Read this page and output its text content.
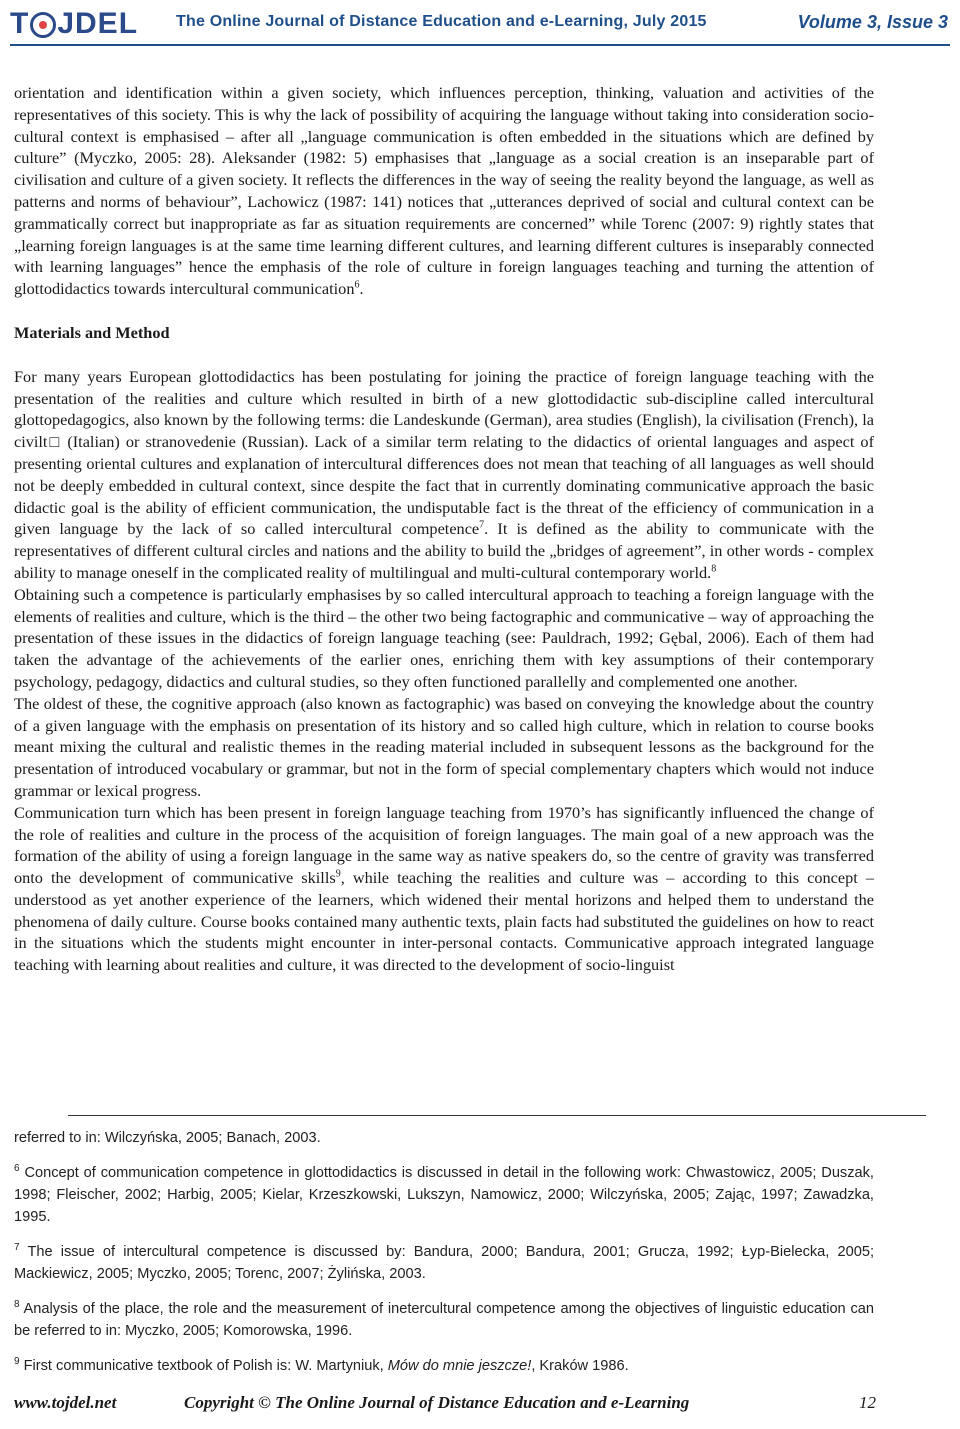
T J DEL The Online Journal of Distance Education and e-Learning, July 2015	Volume 3, Issue 3

orientation and identification within a given society, which influences perception, thinking, valuation and activities of the representatives of this society. This is why the lack of possibility of acquiring the language without taking into consideration socio-cultural context is emphasised – after all „language communication is often embedded in the situations which are defined by culture” (Myczko, 2005: 28). Aleksander (1982: 5) emphasises that „language as a social creation is an inseparable part of civilisation and culture of a given society. It reflects the differences in the way of seeing the reality beyond the language, as well as patterns and norms of behaviour”, Lachowicz (1987: 141) notices that „utterances deprived of social and cultural context can be grammatically correct but inappropriate as far as situation requirements are concerned” while Torenc (2007: 9) rightly states that „learning foreign languages is at the same time learning different cultures, and learning different cultures is inseparably connected with learning languages” hence the emphasis of the role of culture in foreign languages teaching and turning the attention of glottodidactics towards intercultural communication$^6$.

Materials and Method

For many years European glottodidactics has been postulating for joining the practice of foreign language teaching with the presentation of the realities and culture which resulted in birth of a new glottodidactic sub-discipline called intercultural glottopedagogics, also known by the following terms: die Landeskunde (German), area studies (English), la civilisation (French), la civilt□ (Italian) or stranovedenie (Russian). Lack of a similar term relating to the didactics of oriental languages and aspect of presenting oriental cultures and explanation of intercultural differences does not mean that teaching of all languages as well should not be deeply embedded in cultural context, since despite the fact that in currently dominating communicative approach the basic didactic goal is the ability of efficient communication, the undisputable fact is the threat of the efficiency of communication in a given language by the lack of so called intercultural competence$^7$. It is defined as the ability to communicate with the representatives of different cultural circles and nations and the ability to build the „bridges of agreement”, in other words - complex ability to manage oneself in the complicated reality of multilingual and multi-cultural contemporary world.$^8$

Obtaining such a competence is particularly emphasises by so called intercultural approach to teaching a foreign language with the elements of realities and culture, which is the third – the other two being factographic and communicative – way of approaching the presentation of these issues in the didactics of foreign language teaching (see: Pauldrach, 1992; Gębal, 2006). Each of them had taken the advantage of the achievements of the earlier ones, enriching them with key assumptions of their contemporary psychology, pedagogy, didactics and cultural studies, so they often functioned parallelly and complemented one another.

The oldest of these, the cognitive approach (also known as factographic) was based on conveying the knowledge about the country of a given language with the emphasis on presentation of its history and so called high culture, which in relation to course books meant mixing the cultural and realistic themes in the reading material included in subsequent lessons as the background for the presentation of introduced vocabulary or grammar, but not in the form of special complementary chapters which would not induce grammar or lexical progress.

Communication turn which has been present in foreign language teaching from 1970’s has significantly influenced the change of the role of realities and culture in the process of the acquisition of foreign languages. The main goal of a new approach was the formation of the ability of using a foreign language in the same way as native speakers do, so the centre of gravity was transferred onto the development of communicative skills$^9$, while teaching the realities and culture was – according to this concept – understood as yet another experience of the learners, which widened their mental horizons and helped them to understand the phenomena of daily culture. Course books contained many authentic texts, plain facts had substituted the guidelines on how to react in the situations which the students might encounter in inter-personal contacts. Communicative approach integrated language teaching with learning about realities and culture, it was directed to the development of socio-linguist

referred to in: Wilczyńska, 2005; Banach, 2003.

$^6$ Concept of communication competence in glottodidactics is discussed in detail in the following work: Chwastowicz, 2005; Duszak, 1998; Fleischer, 2002; Harbig, 2005; Kielar, Krzeszkowski, Lukszyn, Namowicz, 2000; Wilczyńska, 2005; Zając, 1997; Zawadzka, 1995.

$^7$ The issue of intercultural competence is discussed by: Bandura, 2000; Bandura, 2001; Grucza, 1992; Łyp-Bielecka, 2005; Mackiewicz, 2005; Myczko, 2005; Torenc, 2007; Żylińska, 2003.

$^8$ Analysis of the place, the role and the measurement of inetercultural competence among the objectives of linguistic education can be referred to in: Myczko, 2005; Komorowska, 1996.

$^9$ First communicative textbook of Polish is: W. Martyniuk, Mów do mnie jeszcze!, Kraków 1986.

www.tojdel.net	Copyright © The Online Journal of Distance Education and e-Learning	12
